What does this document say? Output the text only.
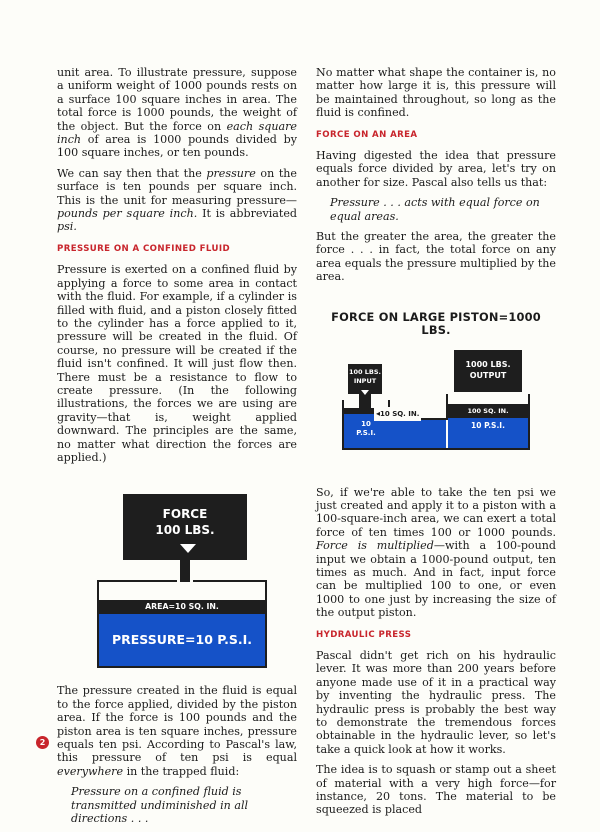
unit area. To illustrate pressure, suppose a uniform weight of 1000 pounds rests on a surface 100 square inches in area. The total force is 1000 pounds, the weight of the object. But the force on each square inch of area is 1000 pounds divided by 100 square inches, or ten pounds.

We can say then that the pressure on the surface is ten pounds per square inch. This is the unit for measuring pressure—pounds per square inch. It is abbreviated psi.

PRESSURE ON A CONFINED FLUID

Pressure is exerted on a confined fluid by applying a force to some area in contact with the fluid. For example, if a cylinder is filled with fluid, and a piston closely fitted to the cylinder has a force applied to it, pressure will be created in the fluid. Of course, no pressure will be created if the fluid isn't confined. It will just flow then. There must be a resistance to flow to create pressure. (In the following illustrations, the forces we are using are gravity—that is, weight applied downward. The principles are the same, no matter what direction the forces are applied.)

FORCE
100 LBS.
AREA=10 SQ. IN.
PRESSURE=10 P.S.I.

The pressure created in the fluid is equal to the force applied, divided by the piston area. If the force is 100 pounds and the piston area is ten square inches, pressure equals ten psi. According to Pascal's law, this pressure of ten psi is equal everywhere in the trapped fluid:

Pressure on a confined fluid is transmitted undiminished in all directions . . .

No matter what shape the container is, no matter how large it is, this pressure will be maintained throughout, so long as the fluid is confined.

FORCE ON AN AREA

Having digested the idea that pressure equals force divided by area, let's try on another for size. Pascal also tells us that:

Pressure . . . acts with equal force on equal areas.

But the greater the area, the greater the force . . . in fact, the total force on any area equals the pressure multiplied by the area.

FORCE ON LARGE PISTON=1000 LBS.
100 LBS.
INPUT
10
P.S.I.
◂10 SQ. IN.
1000 LBS.
OUTPUT
100 SQ. IN.
10 P.S.I.

So, if we're able to take the ten psi we just created and apply it to a piston with a 100-square-inch area, we can exert a total force of ten times 100 or 1000 pounds. Force is multiplied—with a 100-pound input we obtain a 1000-pound output, ten times as much. And in fact, input force can be multiplied 100 to one, or even 1000 to one just by increasing the size of the output piston.

HYDRAULIC PRESS

Pascal didn't get rich on his hydraulic lever. It was more than 200 years before anyone made use of it in a practical way by inventing the hydraulic press. The hydraulic press is probably the best way to demonstrate the tremendous forces obtainable in the hydraulic lever, so let's take a quick look at how it works.

The idea is to squash or stamp out a sheet of material with a very high force—for instance, 20 tons. The material to be squeezed is placed

2
